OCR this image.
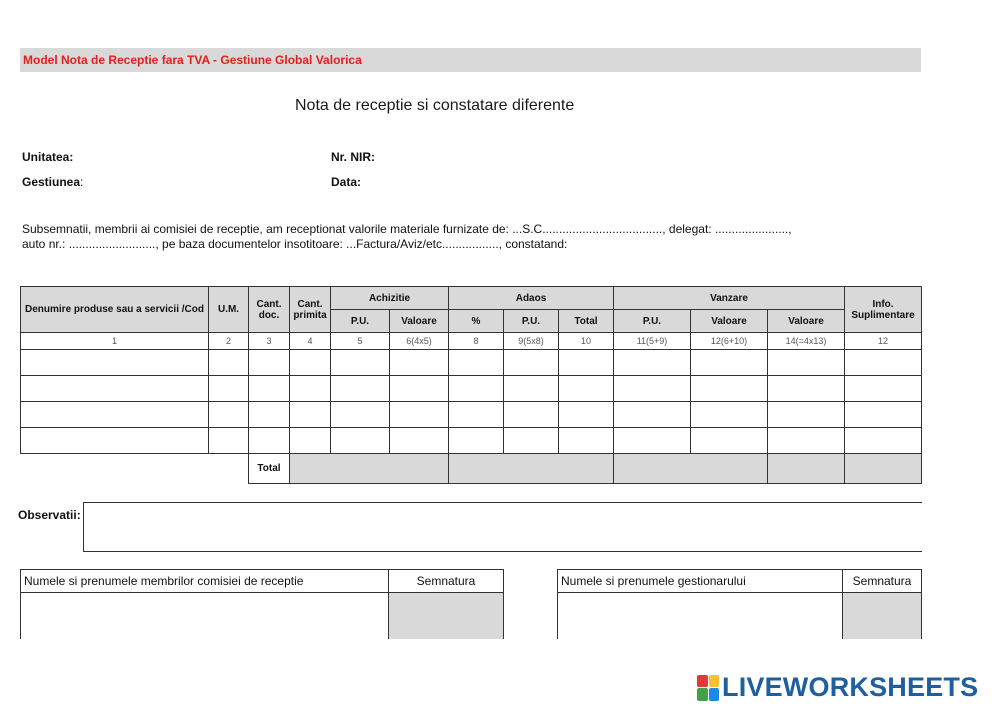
Model Nota de Receptie fara TVA - Gestiune Global Valorica
Nota de receptie si constatare diferente
Unitatea:
Gestiunea:
Nr. NIR:
Data:
Subsemnatii, membrii ai comisiei de receptie, am receptionat valorile materiale furnizate de: ...S.C...................................., delegat: ......................,
auto nr.: .........................., pe baza documentelor insotitoare: ...Factura/Aviz/etc................., constatand:
Denumire produse sau a servicii /Cod	U.M.	Cant. doc.	Cant. primita	Achizitie		Adaos			Vanzare			Info. Suplimentare
				P.U.	Valoare	%	P.U.	Total	P.U.	Valoare	Valoare	
1	2	3	4	5	6(4x5)	8	9(5x8)	10	11(5+9)	12(6+10)	14(=4x13)	12

		Total										
Observatii:
Numele si prenumele membrilor comisiei de receptie	Semnatura
		Numele si prenumele gestionarului	Semnatura

LIVEWORKSHEETS
